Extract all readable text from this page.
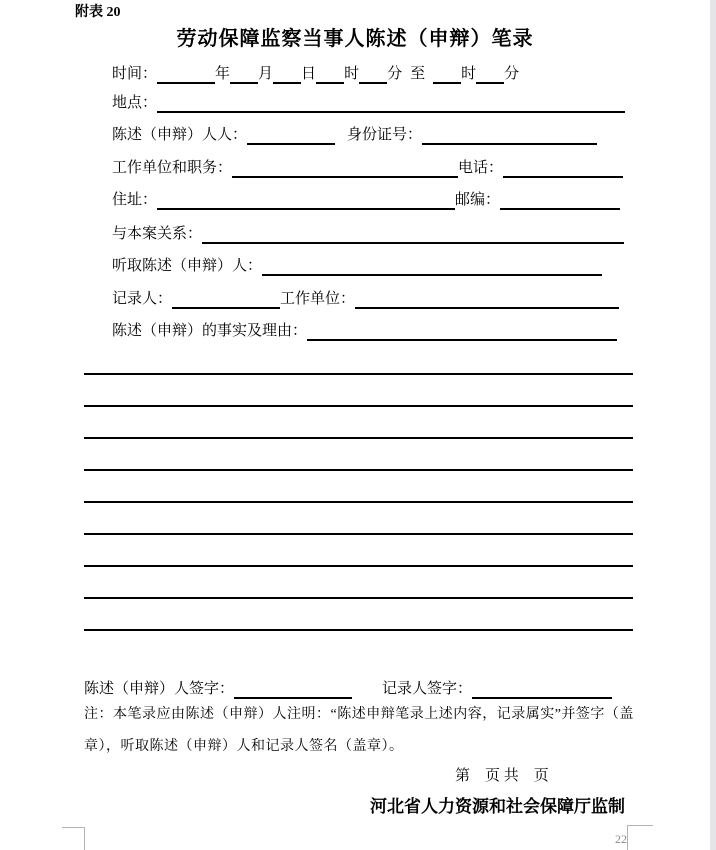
附表 20
劳动保障监察当事人陈述（申辩）笔录
时间：	年 月 日 时 分 至 时 分
地点：
陈述（申辩）人人：	身份证号：
工作单位和职务：	电话：
住址：	邮编：
与本案关系：
听取陈述（申辩）人：
记录人：	工作单位：
陈述（申辩）的事实及理由：
陈述（申辩）人签字：	记录人签字：
注：本笔录应由陈述（申辩）人注明：“陈述申辩笔录上述内容，记录属实”并签字（盖
章），听取陈述（申辩）人和记录人签名（盖章）。
第　页 共　页
河北省人力资源和社会保障厅监制
22
